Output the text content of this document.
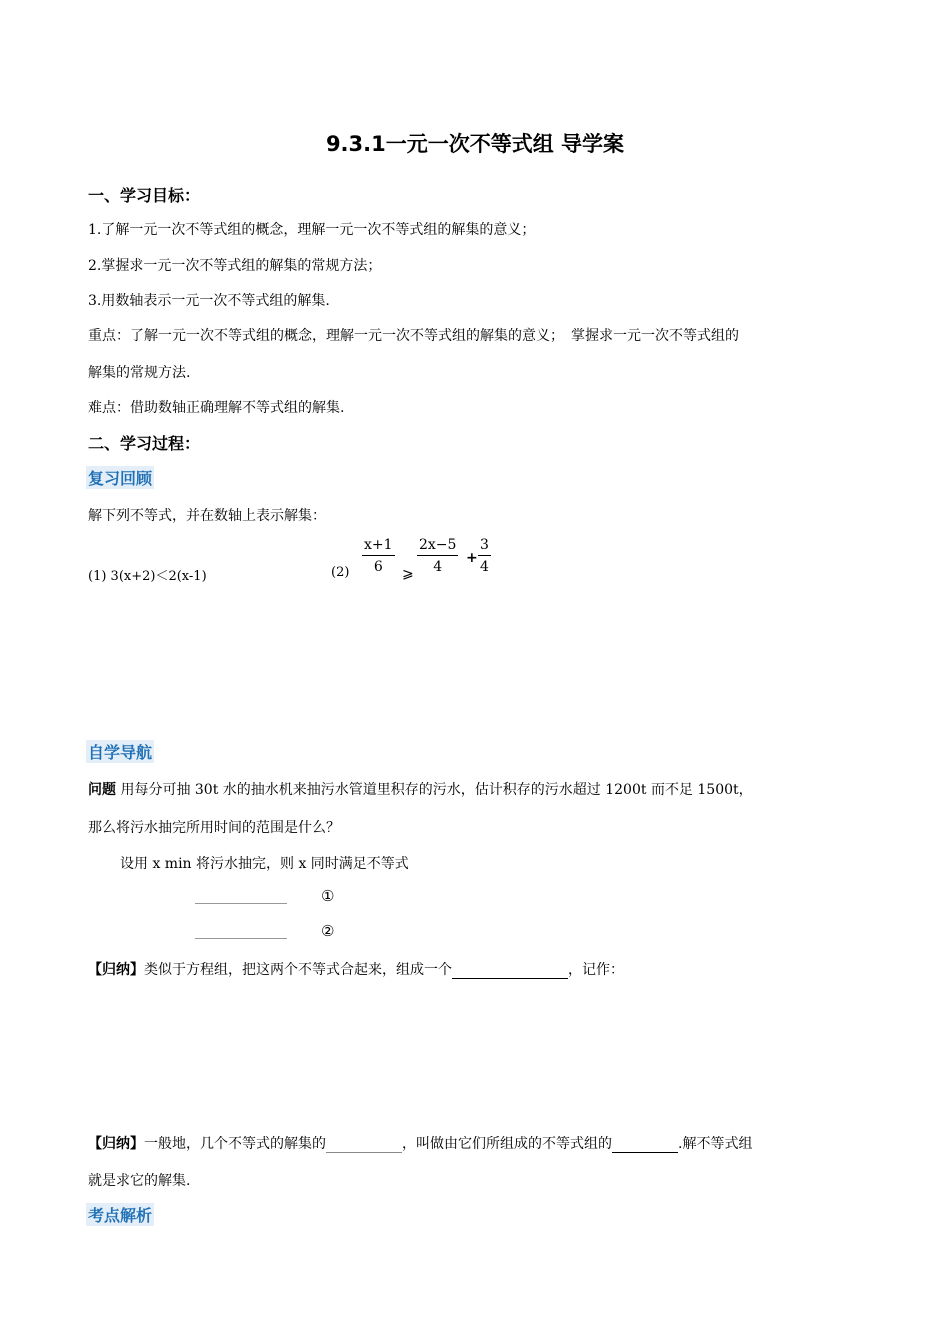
9.3.1一元一次不等式组 导学案
一、学习目标：
1.了解一元一次不等式组的概念，理解一元一次不等式组的解集的意义；
2.掌握求一元一次不等式组的解集的常规方法；
3.用数轴表示一元一次不等式组的解集.
重点：了解一元一次不等式组的概念，理解一元一次不等式组的解集的意义；　掌握求一元一次不等式组的
解集的常规方法.
难点：借助数轴正确理解不等式组的解集.
二、学习过程：
复习回顾
解下列不等式，并在数轴上表示解集：
(1) 3(x+2)＜2(x-1)	(2)
x+1
6 ⩾
2x−5
4
+
3
4
自学导航
问题 用每分可抽 30t 水的抽水机来抽污水管道里积存的污水，估计积存的污水超过 1200t 而不足 1500t，
那么将污水抽完所用时间的范围是什么？
设用 x min 将污水抽完，则 x 同时满足不等式
①
②
【归纳】类似于方程组，把这两个不等式合起来，组成一个	，记作：
【归纳】一般地，几个不等式的解集的	，叫做由它们所组成的不等式组的	.解不等式组
就是求它的解集.
考点解析
